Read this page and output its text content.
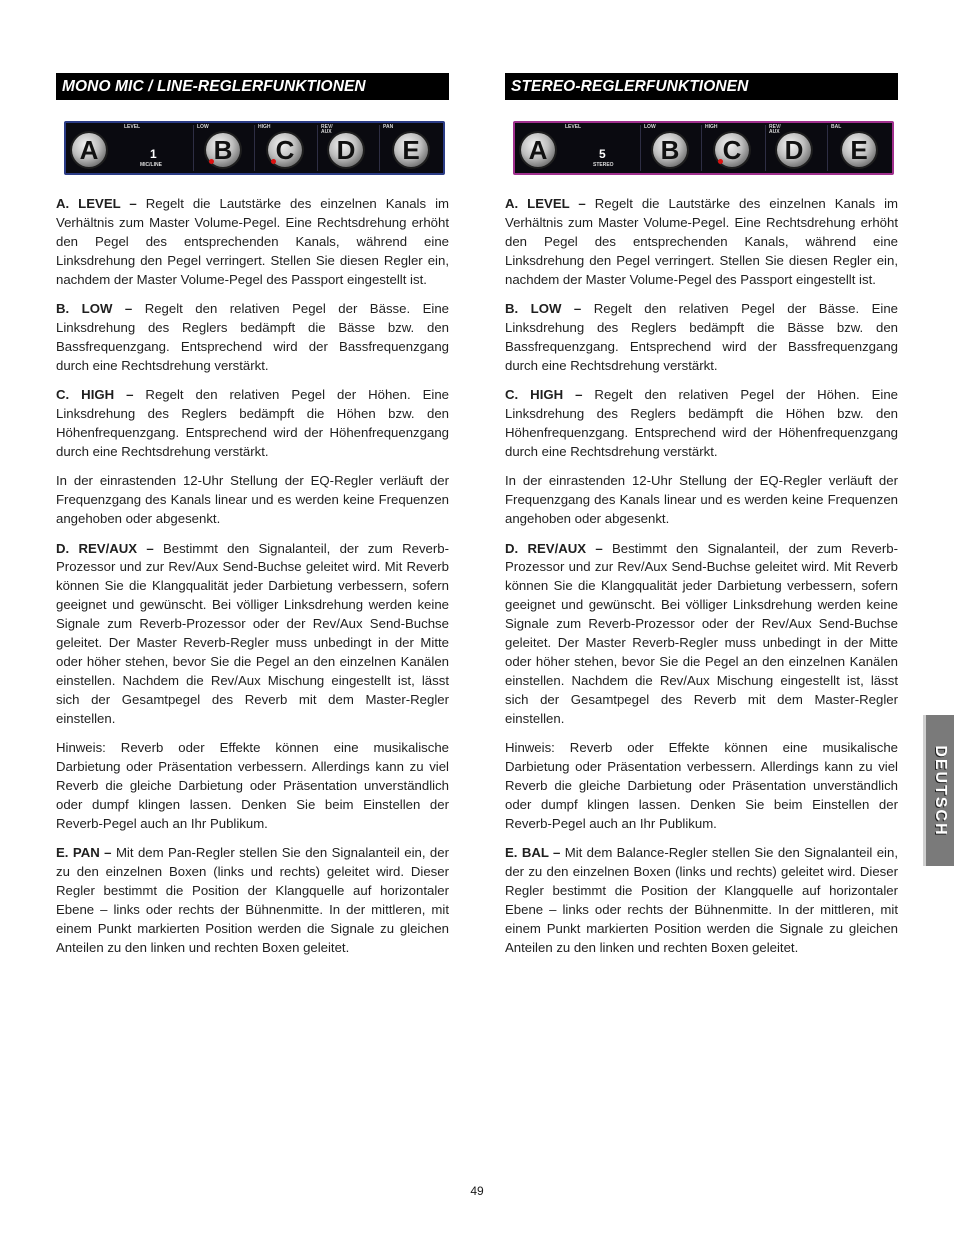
MONO MIC / LINE-REGLERFUNKTIONEN
A
LEVEL
1
MIC/LINE
LOW
B
HIGH
C
REV/ AUX
D
PAN
E

A. LEVEL – Regelt die Lautstärke des einzelnen Kanals im Verhältnis zum Master Volume-Pegel. Eine Rechtsdrehung erhöht den Pegel des entsprechenden Kanals, während eine Linksdrehung den Pegel verringert. Stellen Sie diesen Regler ein, nachdem der Master Volume-Pegel des Passport eingestellt ist.

B. LOW – Regelt den relativen Pegel der Bässe. Eine Linksdrehung des Reglers bedämpft die Bässe bzw. den Bassfrequenzgang. Entsprechend wird der Bassfrequenzgang durch eine Rechtsdrehung verstärkt.

C. HIGH – Regelt den relativen Pegel der Höhen. Eine Linksdrehung des Reglers bedämpft die Höhen bzw. den Höhenfrequenzgang. Entsprechend wird der Höhenfrequenzgang durch eine Rechtsdrehung verstärkt.

In der einrastenden 12-Uhr Stellung der EQ-Regler verläuft der Frequenzgang des Kanals linear und es werden keine Frequenzen angehoben oder abgesenkt.

D. REV/AUX – Bestimmt den Signalanteil, der zum Reverb-Prozessor und zur Rev/Aux Send-Buchse geleitet wird. Mit Reverb können Sie die Klangqualität jeder Darbietung verbessern, sofern geeignet und gewünscht. Bei völliger Linksdrehung werden keine Signale zum Reverb-Prozessor oder der Rev/Aux Send-Buchse geleitet. Der Master Reverb-Regler muss unbedingt in der Mitte oder höher stehen, bevor Sie die Pegel an den einzelnen Kanälen einstellen. Nachdem die Rev/Aux Mischung eingestellt ist, lässt sich der Gesamtpegel des Reverb mit dem Master-Regler einstellen.

Hinweis: Reverb oder Effekte können eine musikalische Darbietung oder Präsentation verbessern. Allerdings kann zu viel Reverb die gleiche Darbietung oder Präsentation unverständlich oder dumpf klingen lassen. Denken Sie beim Einstellen der Reverb-Pegel auch an Ihr Publikum.

E. PAN – Mit dem Pan-Regler stellen Sie den Signalanteil ein, der zu den einzelnen Boxen (links und rechts) geleitet wird. Dieser Regler bestimmt die Position der Klangquelle auf horizontaler Ebene – links oder rechts der Bühnenmitte. In der mittleren, mit einem Punkt markierten Position werden die Signale zu gleichen Anteilen zu den linken und rechten Boxen geleitet.

STEREO-REGLERFUNKTIONEN
A
LEVEL
5
STEREO
LOW
B
HIGH
C
REV/ AUX
D
BAL
E

A. LEVEL – Regelt die Lautstärke des einzelnen Kanals im Verhältnis zum Master Volume-Pegel. Eine Rechtsdrehung erhöht den Pegel des entsprechenden Kanals, während eine Linksdrehung den Pegel verringert. Stellen Sie diesen Regler ein, nachdem der Master Volume-Pegel des Passport eingestellt ist.

B. LOW – Regelt den relativen Pegel der Bässe. Eine Linksdrehung des Reglers bedämpft die Bässe bzw. den Bassfrequenzgang. Entsprechend wird der Bassfrequenzgang durch eine Rechtsdrehung verstärkt.

C. HIGH – Regelt den relativen Pegel der Höhen. Eine Linksdrehung des Reglers bedämpft die Höhen bzw. den Höhenfrequenzgang. Entsprechend wird der Höhenfrequenzgang durch eine Rechtsdrehung verstärkt.

In der einrastenden 12-Uhr Stellung der EQ-Regler verläuft der Frequenzgang des Kanals linear und es werden keine Frequenzen angehoben oder abgesenkt.

D. REV/AUX – Bestimmt den Signalanteil, der zum Reverb-Prozessor und zur Rev/Aux Send-Buchse geleitet wird. Mit Reverb können Sie die Klangqualität jeder Darbietung verbessern, sofern geeignet und gewünscht. Bei völliger Linksdrehung werden keine Signale zum Reverb-Prozessor oder der Rev/Aux Send-Buchse geleitet. Der Master Reverb-Regler muss unbedingt in der Mitte oder höher stehen, bevor Sie die Pegel an den einzelnen Kanälen einstellen. Nachdem die Rev/Aux Mischung eingestellt ist, lässt sich der Gesamtpegel des Reverb mit dem Master-Regler einstellen.

Hinweis: Reverb oder Effekte können eine musikalische Darbietung oder Präsentation verbessern. Allerdings kann zu viel Reverb die gleiche Darbietung oder Präsentation unverständlich oder dumpf klingen lassen. Denken Sie beim Einstellen der Reverb-Pegel auch an Ihr Publikum.

E. BAL – Mit dem Balance-Regler stellen Sie den Signalanteil ein, der zu den einzelnen Boxen (links und rechts) geleitet wird. Dieser Regler bestimmt die Position der Klangquelle auf horizontaler Ebene – links oder rechts der Bühnenmitte. In der mittleren, mit einem Punkt markierten Position werden die Signale zu gleichen Anteilen zu den linken und rechten Boxen geleitet.

DEUTSCH
49
